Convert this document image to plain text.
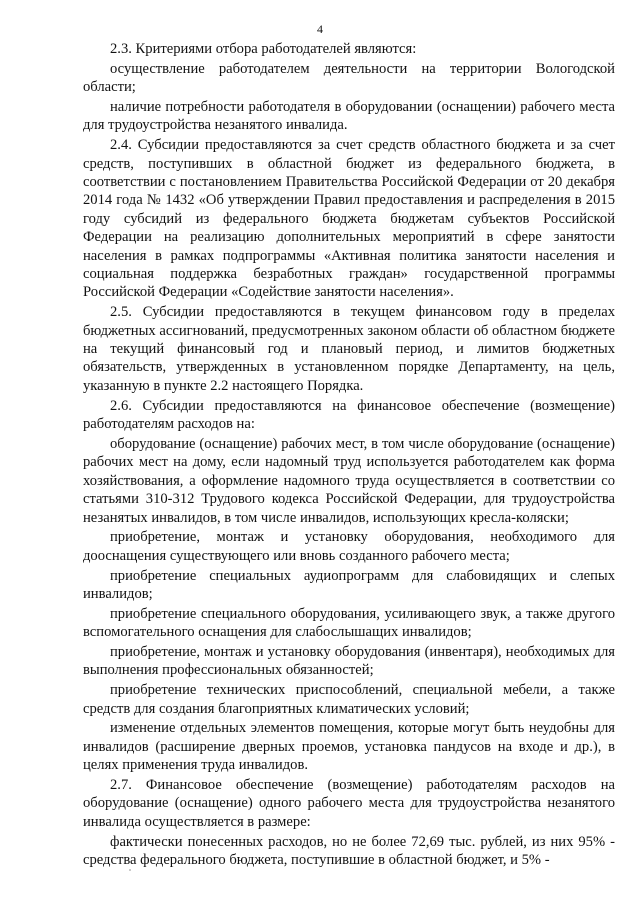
4

2.3. Критериями отбора работодателей являются:

осуществление работодателем деятельности на территории Вологодской области;

наличие потребности работодателя в оборудовании (оснащении) рабочего места для трудоустройства незанятого инвалида.

2.4. Субсидии предоставляются за счет средств областного бюджета и за счет средств, поступивших в областной бюджет из федерального бюджета, в соответствии с постановлением Правительства Российской Федерации от 20 декабря 2014 года № 1432 «Об утверждении Правил предоставления и распределения в 2015 году субсидий из федерального бюджета бюджетам субъектов Российской Федерации на реализацию дополнительных мероприятий в сфере занятости населения в рамках подпрограммы «Активная политика занятости населения и социальная поддержка безработных граждан» государственной программы Российской Федерации «Содействие занятости населения».

2.5. Субсидии предоставляются в текущем финансовом году в пределах бюджетных ассигнований, предусмотренных законом области об областном бюджете на текущий финансовый год и плановый период, и лимитов бюджетных обязательств, утвержденных в установленном порядке Департаменту, на цель, указанную в пункте 2.2 настоящего Порядка.

2.6. Субсидии предоставляются на финансовое обеспечение (возмещение) работодателям расходов на:

оборудование (оснащение) рабочих мест, в том числе оборудование (оснащение) рабочих мест на дому, если надомный труд используется работодателем как форма хозяйствования, а оформление надомного труда осуществляется в соответствии со статьями 310-312 Трудового кодекса Российской Федерации, для трудоустройства незанятых инвалидов, в том числе инвалидов, использующих кресла-коляски;

приобретение, монтаж и установку оборудования, необходимого для дооснащения существующего или вновь созданного рабочего места;

приобретение специальных аудиопрограмм для слабовидящих и слепых инвалидов;

приобретение специального оборудования, усиливающего звук, а также другого вспомогательного оснащения для слабослышащих инвалидов;

приобретение, монтаж и установку оборудования (инвентаря), необходимых для выполнения профессиональных обязанностей;

приобретение технических приспособлений, специальной мебели, а также средств для создания благоприятных климатических условий;

изменение отдельных элементов помещения, которые могут быть неудобны для инвалидов (расширение дверных проемов, установка пандусов на входе и др.), в целях применения труда инвалидов.

2.7. Финансовое обеспечение (возмещение) работодателям расходов на оборудование (оснащение) одного рабочего места для трудоустройства незанятого инвалида осуществляется в размере:

фактически понесенных расходов, но не более 72,69 тыс. рублей, из них 95% - средства федерального бюджета, поступившие в областной бюджет, и 5% -
